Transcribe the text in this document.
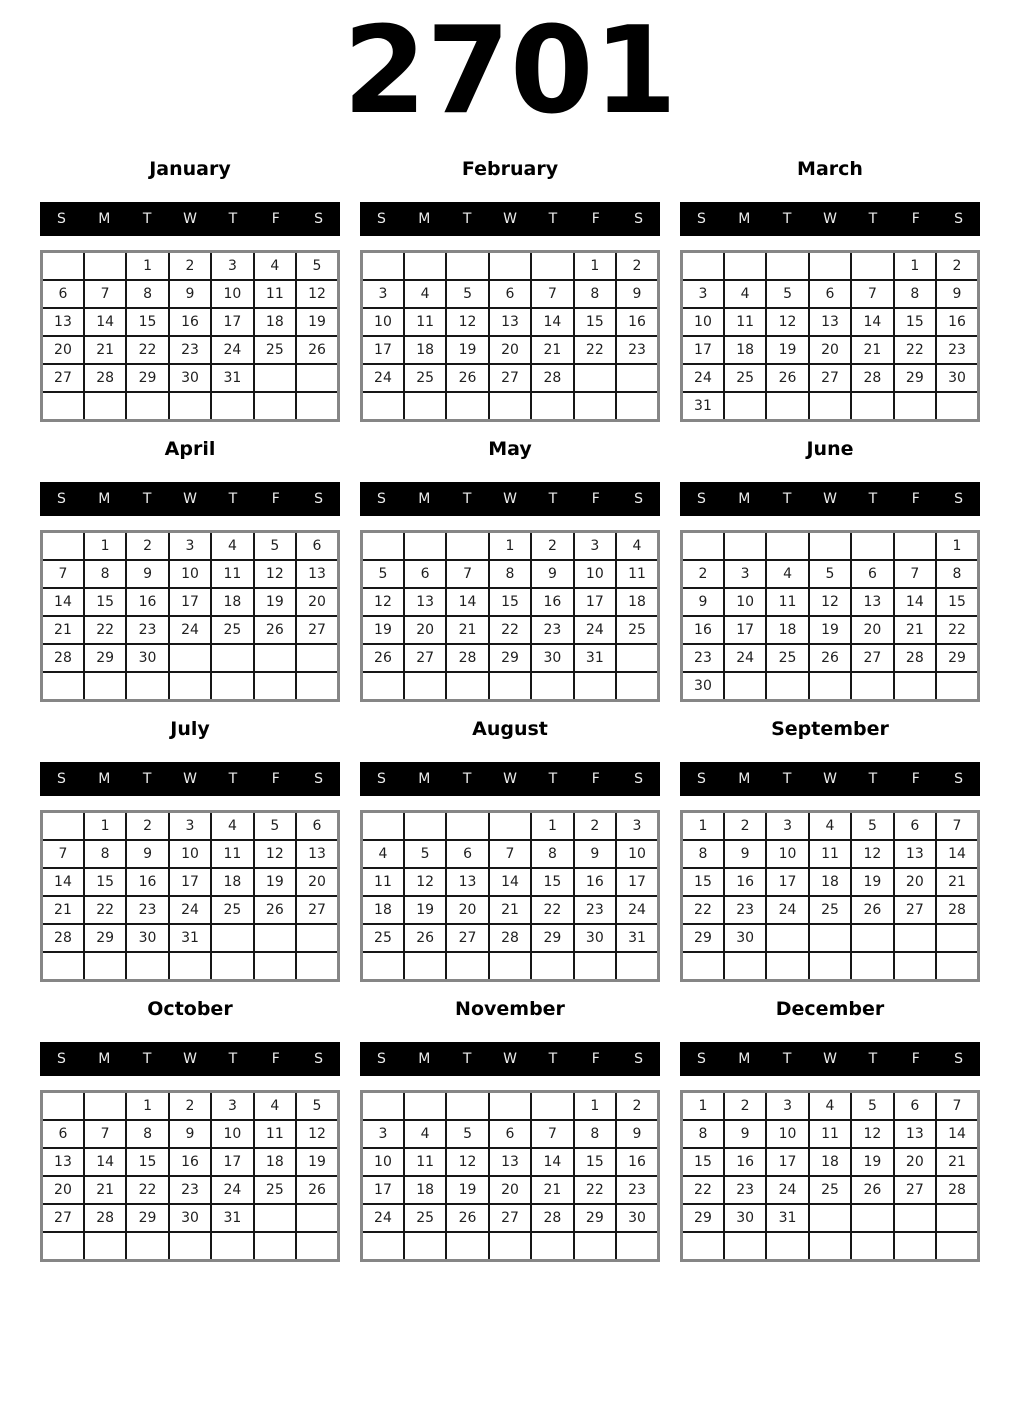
2701
January
S	M	T	W	T	F	S
		1	2	3	4	5
6	7	8	9	10	11	12
13	14	15	16	17	18	19
20	21	22	23	24	25	26
27	28	29	30	31		

February
S	M	T	W	T	F	S
					1	2
3	4	5	6	7	8	9
10	11	12	13	14	15	16
17	18	19	20	21	22	23
24	25	26	27	28		

March
S	M	T	W	T	F	S
					1	2
3	4	5	6	7	8	9
10	11	12	13	14	15	16
17	18	19	20	21	22	23
24	25	26	27	28	29	30
31						
April
S	M	T	W	T	F	S
	1	2	3	4	5	6
7	8	9	10	11	12	13
14	15	16	17	18	19	20
21	22	23	24	25	26	27
28	29	30				

May
S	M	T	W	T	F	S
			1	2	3	4
5	6	7	8	9	10	11
12	13	14	15	16	17	18
19	20	21	22	23	24	25
26	27	28	29	30	31	

June
S	M	T	W	T	F	S
						1
2	3	4	5	6	7	8
9	10	11	12	13	14	15
16	17	18	19	20	21	22
23	24	25	26	27	28	29
30						
July
S	M	T	W	T	F	S
	1	2	3	4	5	6
7	8	9	10	11	12	13
14	15	16	17	18	19	20
21	22	23	24	25	26	27
28	29	30	31			

August
S	M	T	W	T	F	S
				1	2	3
4	5	6	7	8	9	10
11	12	13	14	15	16	17
18	19	20	21	22	23	24
25	26	27	28	29	30	31

September
S	M	T	W	T	F	S
1	2	3	4	5	6	7
8	9	10	11	12	13	14
15	16	17	18	19	20	21
22	23	24	25	26	27	28
29	30					

October
S	M	T	W	T	F	S
		1	2	3	4	5
6	7	8	9	10	11	12
13	14	15	16	17	18	19
20	21	22	23	24	25	26
27	28	29	30	31		

November
S	M	T	W	T	F	S
					1	2
3	4	5	6	7	8	9
10	11	12	13	14	15	16
17	18	19	20	21	22	23
24	25	26	27	28	29	30

December
S	M	T	W	T	F	S
1	2	3	4	5	6	7
8	9	10	11	12	13	14
15	16	17	18	19	20	21
22	23	24	25	26	27	28
29	30	31				
